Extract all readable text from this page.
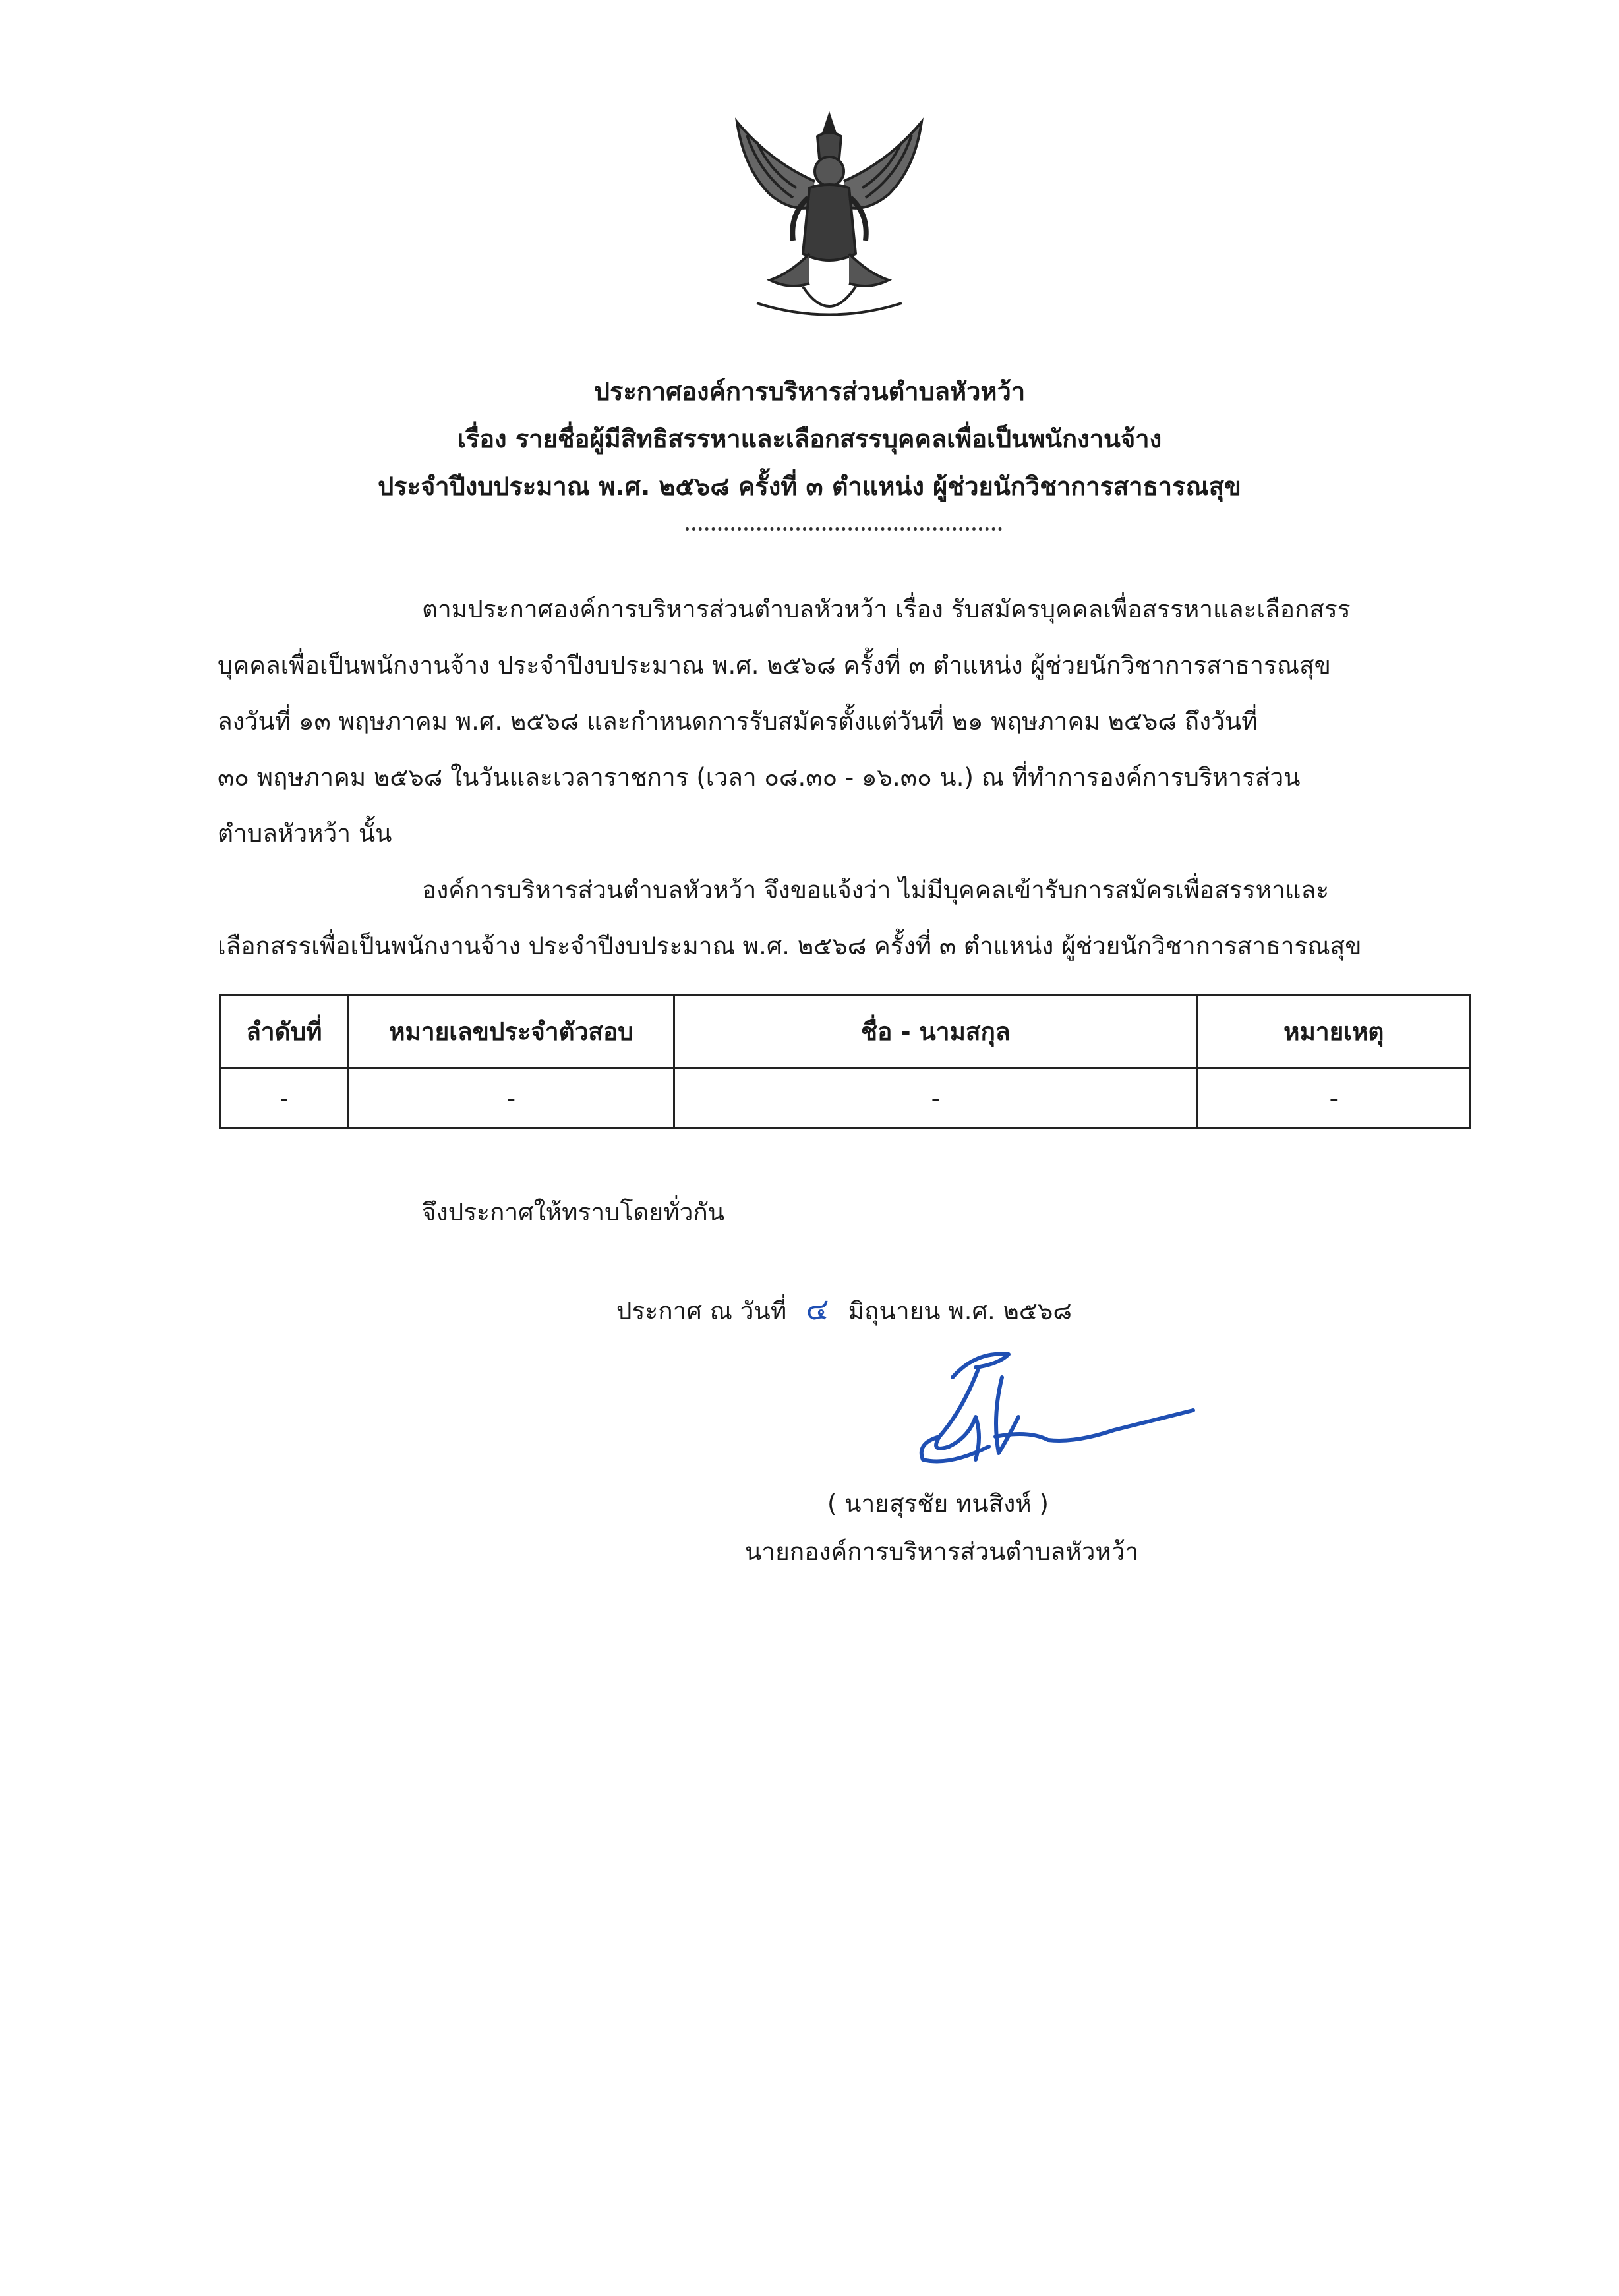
ประกาศองค์การบริหารส่วนตำบลหัวหว้า
เรื่อง รายชื่อผู้มีสิทธิสรรหาและเลือกสรรบุคคลเพื่อเป็นพนักงานจ้าง
ประจำปีงบประมาณ พ.ศ. ๒๕๖๘ ครั้งที่ ๓ ตำแหน่ง ผู้ช่วยนักวิชาการสาธารณสุข
ตามประกาศองค์การบริหารส่วนตำบลหัวหว้า เรื่อง รับสมัครบุคคลเพื่อสรรหาและเลือกสรร
บุคคลเพื่อเป็นพนักงานจ้าง ประจำปีงบประมาณ พ.ศ. ๒๕๖๘ ครั้งที่ ๓ ตำแหน่ง ผู้ช่วยนักวิชาการสาธารณสุข
ลงวันที่ ๑๓ พฤษภาคม พ.ศ. ๒๕๖๘ และกำหนดการรับสมัครตั้งแต่วันที่ ๒๑ พฤษภาคม ๒๕๖๘ ถึงวันที่
๓๐ พฤษภาคม ๒๕๖๘ ในวันและเวลาราชการ (เวลา ๐๘.๓๐ - ๑๖.๓๐ น.) ณ ที่ทำการองค์การบริหารส่วน
ตำบลหัวหว้า นั้น
องค์การบริหารส่วนตำบลหัวหว้า จึงขอแจ้งว่า ไม่มีบุคคลเข้ารับการสมัครเพื่อสรรหาและ
เลือกสรรเพื่อเป็นพนักงานจ้าง ประจำปีงบประมาณ พ.ศ. ๒๕๖๘ ครั้งที่ ๓ ตำแหน่ง ผู้ช่วยนักวิชาการสาธารณสุข
ลำดับที่	หมายเลขประจำตัวสอบ	ชื่อ - นามสกุล	หมายเหตุ
-	-	-	-
จึงประกาศให้ทราบโดยทั่วกัน
ประกาศ ณ วันที่ ๔ มิถุนายน พ.ศ. ๒๕๖๘
( นายสุรชัย ทนสิงห์ )
นายกองค์การบริหารส่วนตำบลหัวหว้า
